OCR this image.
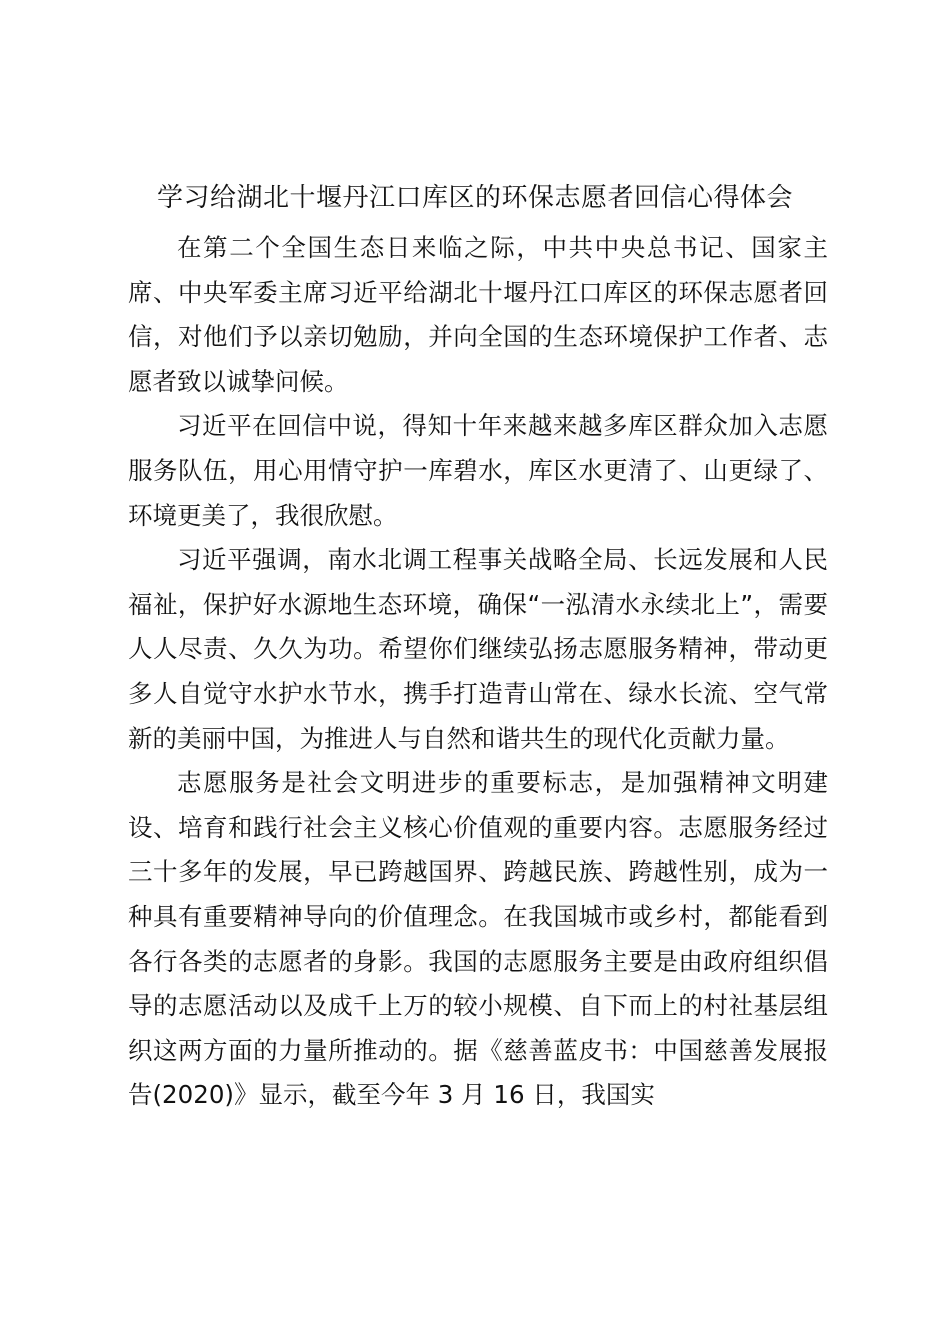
学习给湖北十堰丹江口库区的环保志愿者回信心得体会

在第二个全国生态日来临之际，中共中央总书记、国家主席、中央军委主席习近平给湖北十堰丹江口库区的环保志愿者回信，对他们予以亲切勉励，并向全国的生态环境保护工作者、志愿者致以诚挚问候。

习近平在回信中说，得知十年来越来越多库区群众加入志愿服务队伍，用心用情守护一库碧水，库区水更清了、山更绿了、环境更美了，我很欣慰。

习近平强调，南水北调工程事关战略全局、长远发展和人民福祉，保护好水源地生态环境，确保“一泓清水永续北上”，需要人人尽责、久久为功。希望你们继续弘扬志愿服务精神，带动更多人自觉守水护水节水，携手打造青山常在、绿水长流、空气常新的美丽中国，为推进人与自然和谐共生的现代化贡献力量。

志愿服务是社会文明进步的重要标志，是加强精神文明建设、培育和践行社会主义核心价值观的重要内容。志愿服务经过三十多年的发展，早已跨越国界、跨越民族、跨越性别，成为一种具有重要精神导向的价值理念。在我国城市或乡村，都能看到各行各类的志愿者的身影。我国的志愿服务主要是由政府组织倡导的志愿活动以及成千上万的较小规模、自下而上的村社基层组织这两方面的力量所推动的。据《慈善蓝皮书：中国慈善发展报告(2020)》显示，截至今年 3 月 16 日，我国实
